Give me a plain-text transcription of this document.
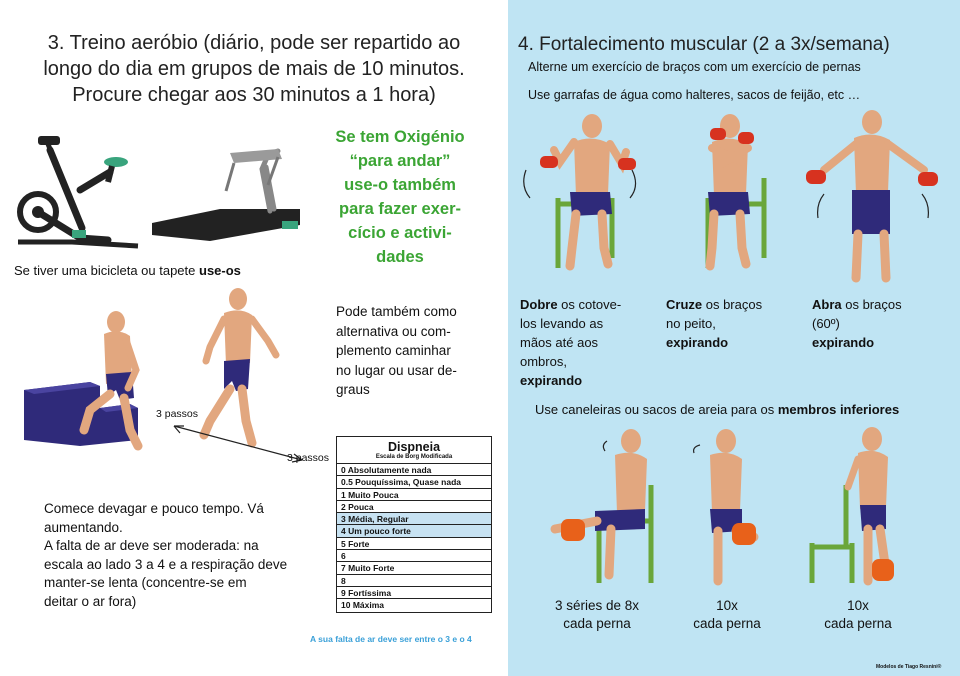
3. Treino aeróbio (diário, pode ser repartido ao
longo do dia em grupos de mais de 10 minutos.
Procure chegar aos 30 minutos a 1 hora)
Se tem Oxigénio
“para andar”
use-o também
para fazer exer-
cício e activi-
dades
Se tiver uma bicicleta ou tapete use-os
3 passos
3 passos
Pode também como
alternativa ou com-
plemento caminhar
no lugar ou usar de-
graus
Comece devagar e pouco tempo. Vá
aumentando.
A falta de ar deve ser moderada: na
escala ao lado 3 a 4 e a respiração deve
manter-se lenta (concentre-se em
deitar o ar fora)
Dispneia
Escala de Borg Modificada
0 Absolutamente nada
0.5 Pouquíssima, Quase nada
1 Muito Pouca
2 Pouca
3 Média, Regular
4 Um pouco forte
5 Forte
6
7 Muito Forte
8
9 Fortíssima
10 Máxima
A sua falta de ar deve ser entre o 3 e o 4
4. Fortalecimento muscular (2 a 3x/semana)
Alterne um exercício de braços com um exercício de pernas
Use garrafas de água como halteres, sacos de feijão, etc …
Dobre os cotove-
los levando as
mãos até aos
ombros,
expirando
Cruze os braços
no peito,
expirando
Abra os braços
(60º)
expirando
Use caneleiras ou sacos de areia para os membros inferiores
3 séries de 8x
cada perna
10x
cada perna
10x
cada perna
Modelos de Tiago Resnini®
